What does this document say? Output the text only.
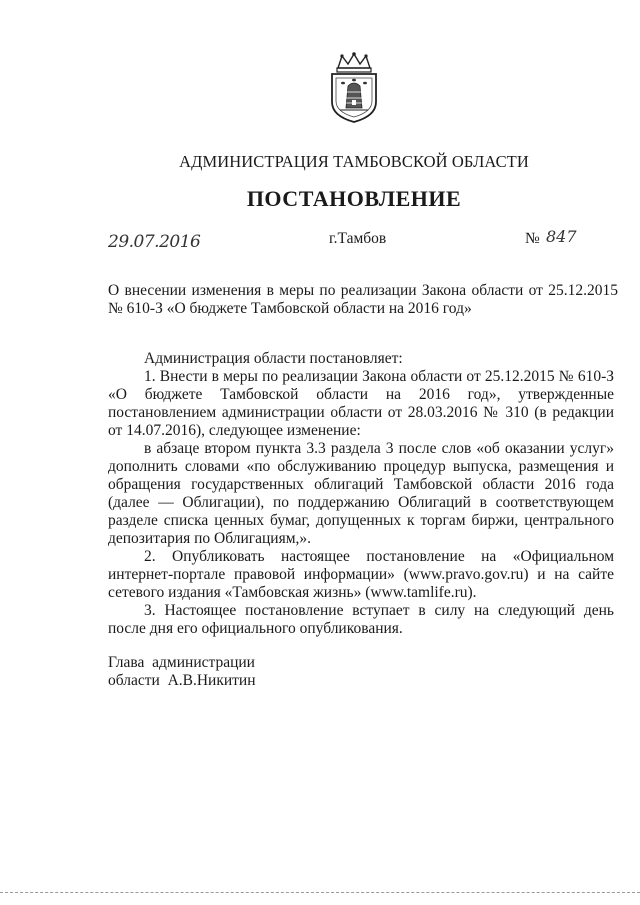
АДМИНИСТРАЦИЯ ТАМБОВСКОЙ ОБЛАСТИ
ПОСТАНОВЛЕНИЕ
29.07.2016	г.Тамбов	№ 847
О внесении изменения в меры по реализации Закона области от 25.12.2015 № 610-З «О бюджете Тамбовской области на 2016 год»

Администрация области постановляет:

1. Внести в меры по реализации Закона области от 25.12.2015 № 610-З «О бюджете Тамбовской области на 2016 год», утвержденные постановлением администрации области от 28.03.2016 № 310 (в редакции от 14.07.2016), следующее изменение:

в абзаце втором пункта 3.3 раздела 3 после слов «об оказании услуг» дополнить словами «по обслуживанию процедур выпуска, размещения и обращения государственных облигаций Тамбовской области 2016 года (далее — Облигации), по поддержанию Облигаций в соответствующем разделе списка ценных бумаг, допущенных к торгам биржи, центрального депозитария по Облигациям,».

2. Опубликовать настоящее постановление на «Официальном интернет-портале правовой информации» (www.pravo.gov.ru) и на сайте сетевого издания «Тамбовская жизнь» (www.tamlife.ru).

3. Настоящее постановление вступает в силу на следующий день после дня его официального опубликования.

Глава  администрации
области  А.В.Никитин
